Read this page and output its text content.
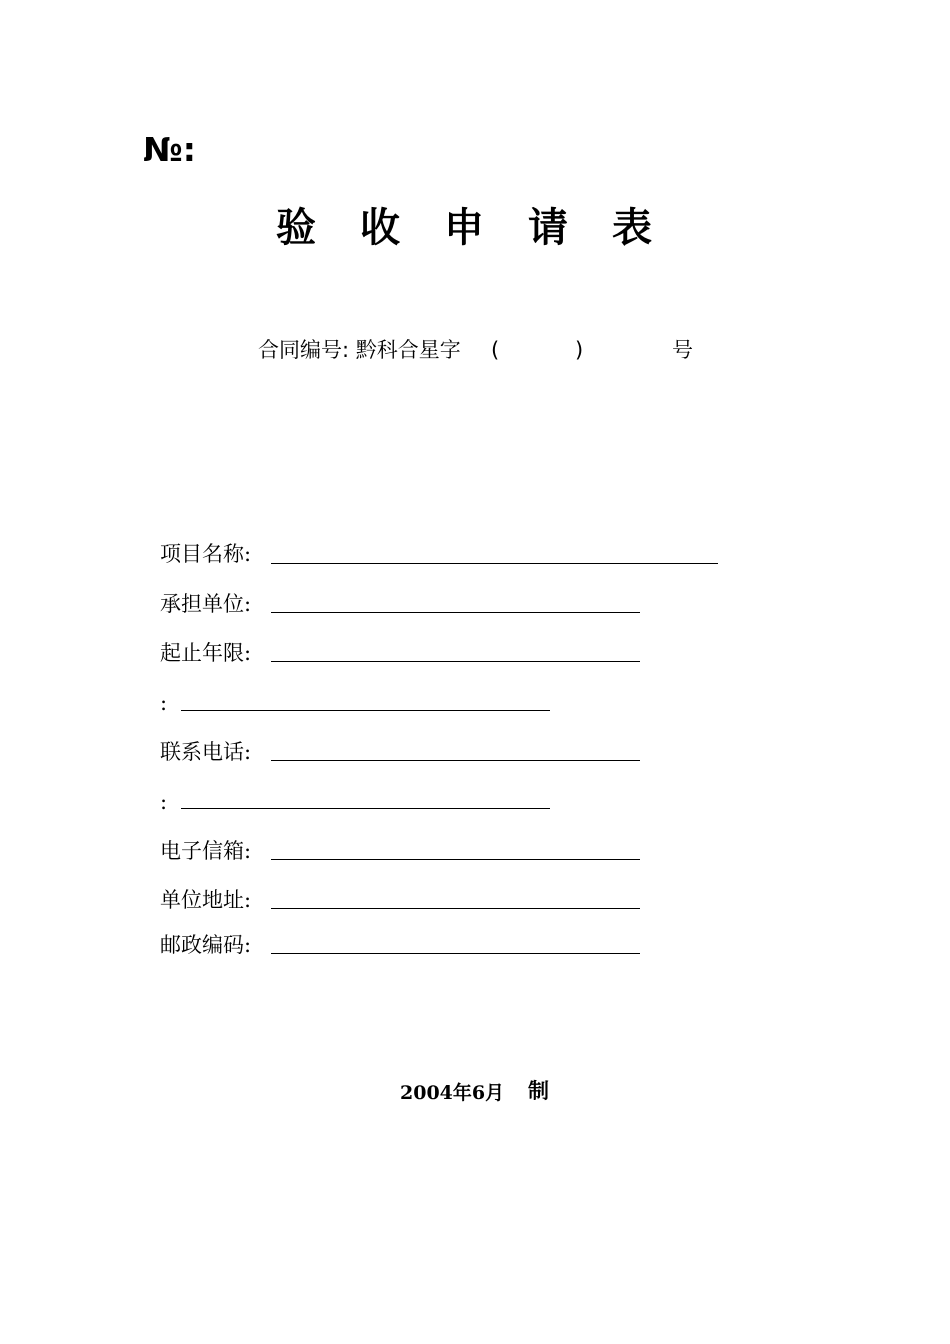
№:
验收申请表
合同编号: 黔科合星字 (	)	号
项目名称:
承担单位:
起止年限:
:
联系电话:
:
电子信箱:
单位地址:
邮政编码:
2004年6月 制
